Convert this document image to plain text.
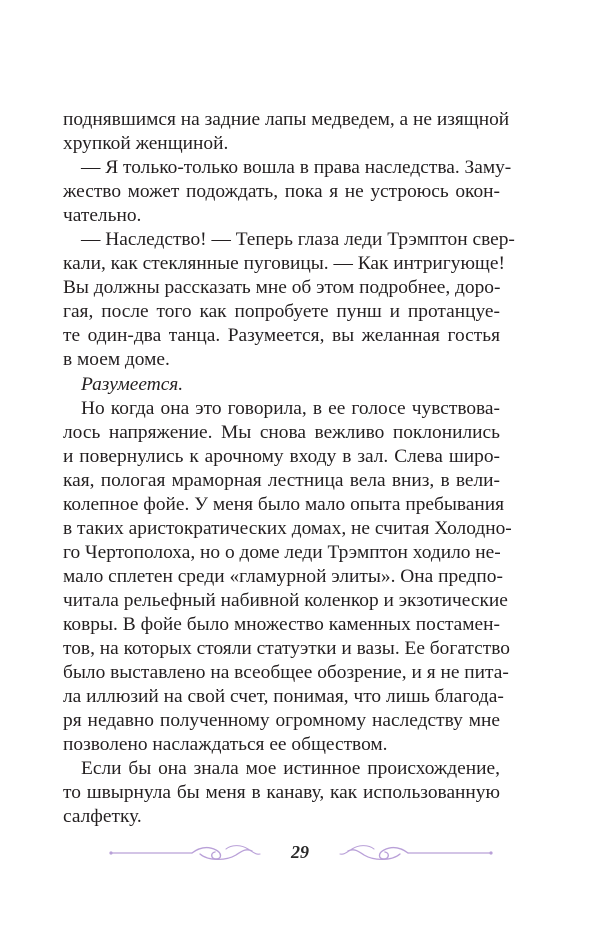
поднявшимся на задние лапы медведем, а не изящной
хрупкой женщиной.
— Я только-только вошла в права наследства. Заму-
жество может подождать, пока я не устроюсь окон-
чательно.
— Наследство! — Теперь глаза леди Трэмптон свер-
кали, как стеклянные пуговицы. — Как интригующе!
Вы должны рассказать мне об этом подробнее, доро-
гая, после того как попробуете пунш и протанцуе-
те один-два танца. Разумеется, вы желанная гостья
в моем доме.
Разумеется.
Но когда она это говорила, в ее голосе чувствова-
лось напряжение. Мы снова вежливо поклонились
и повернулись к арочному входу в зал. Слева широ-
кая, пологая мраморная лестница вела вниз, в вели-
колепное фойе. У меня было мало опыта пребывания
в таких аристократических домах, не считая Холодно-
го Чертополоха, но о доме леди Трэмптон ходило не-
мало сплетен среди «гламурной элиты». Она предпо-
читала рельефный набивной коленкор и экзотические
ковры. В фойе было множество каменных постамен-
тов, на которых стояли статуэтки и вазы. Ее богатство
было выставлено на всеобщее обозрение, и я не пита-
ла иллюзий на свой счет, понимая, что лишь благода-
ря недавно полученному огромному наследству мне
позволено наслаждаться ее обществом.
Если бы она знала мое истинное происхождение,
то швырнула бы меня в канаву, как использованную
салфетку.
29
